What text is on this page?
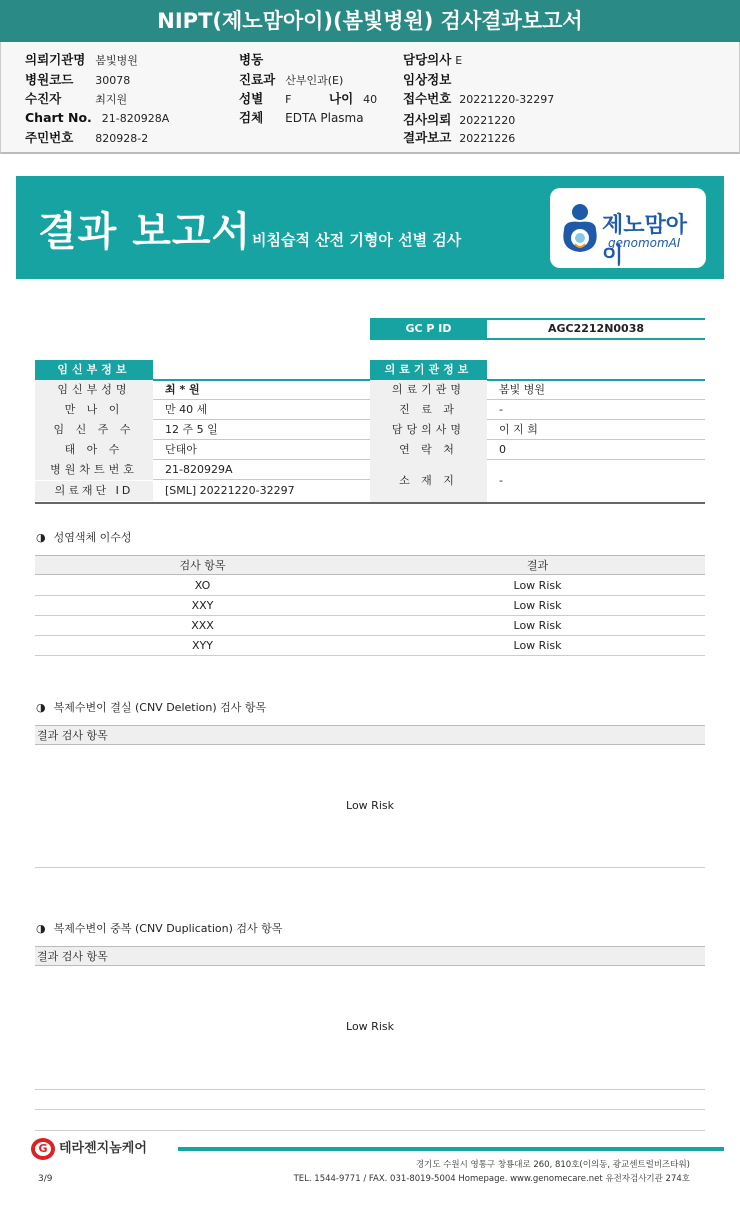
NIPT(제노맘아이)(봄빛병원) 검사결과보고서
의뢰기관명 봄빛병원
병원코드 30078
수진자	최지원
Chart No. 21-820928A
주민번호 820928-2
병동
진료과 산부인과(E)
성별 F	나이 40
검체 EDTA Plasma
담당의사 E
임상정보
접수번호 20221220-32297
검사의뢰 20221220
결과보고 20221226
결과 보고서 비침습적 산전 기형아 선별 검사
제노맘아이
genomomAI
GC P ID	AGC2212N0038
임신부정보
임신부성명	최 * 원
만 나 이	만 40 세
임 신 주 수	12 주 5 일
태 아 수	단태아
병원차트번호	21-820929A
의료재단 ID	[SML] 20221220-32297
의료기관정보
의료기관명	봄빛 병원
진 료 과	-
담당의사명	이 지 희
연 락 처	0
소 재 지	-
◑ 성염색체 이수성
검사 항목	결과
XO	Low Risk
XXY	Low Risk
XXX	Low Risk
XYY	Low Risk
◑ 복제수변이 결실 (CNV Deletion) 검사 항목
결과 검사 항목
Low Risk
◑ 복제수변이 중복 (CNV Duplication) 검사 항목
결과 검사 항목
Low Risk
G 테라젠지놈케어
경기도 수원시 영통구 창룡대로 260, 810호(이의동, 광교센트럴비즈타워)
TEL. 1544-9771 / FAX. 031-8019-5004 Homepage. www.genomecare.net 유전자검사기관 274호
3/9
